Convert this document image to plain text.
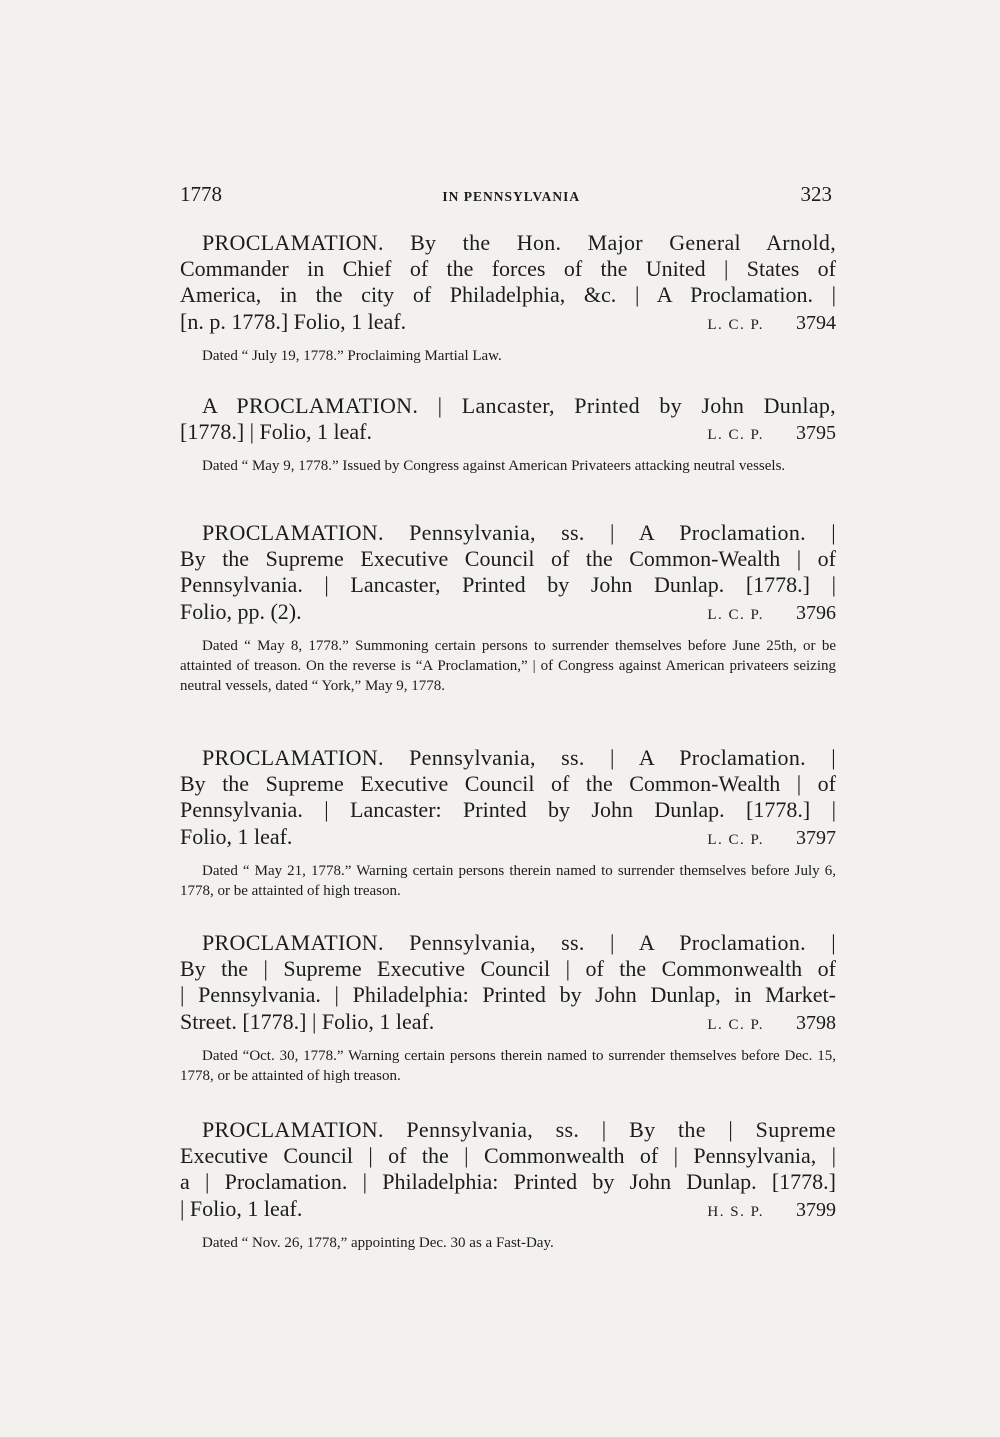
1778	IN PENNSYLVANIA	323
PROCLAMATION. By the Hon. Major General Arnold,
Commander in Chief of the forces of the United | States of
America, in the city of Philadelphia, &c. | A Proclamation. |
[n. p. 1778.] Folio, 1 leaf.	L. C. P. 3794
Dated “ July 19, 1778.” Proclaiming Martial Law.
A PROCLAMATION. | Lancaster, Printed by John Dunlap,
[1778.] | Folio, 1 leaf.	L. C. P. 3795
Dated “ May 9, 1778.” Issued by Congress against American Privateers attacking neutral vessels.
PROCLAMATION. Pennsylvania, ss. | A Proclamation. |
By the Supreme Executive Council of the Common-Wealth | of
Pennsylvania. | Lancaster, Printed by John Dunlap. [1778.] |
Folio, pp. (2).	L. C. P. 3796
Dated “ May 8, 1778.” Summoning certain persons to surrender themselves before June 25th, or be attainted of treason. On the reverse is “A Proclamation,” | of Congress against American privateers seizing neutral vessels, dated “ York,” May 9, 1778.
PROCLAMATION. Pennsylvania, ss. | A Proclamation. |
By the Supreme Executive Council of the Common-Wealth | of
Pennsylvania. | Lancaster: Printed by John Dunlap. [1778.] |
Folio, 1 leaf.	L. C. P. 3797
Dated “ May 21, 1778.” Warning certain persons therein named to surrender themselves before July 6, 1778, or be attainted of high treason.
PROCLAMATION. Pennsylvania, ss. | A Proclamation. |
By the | Supreme Executive Council | of the Commonwealth of
| Pennsylvania. | Philadelphia: Printed by John Dunlap, in Market-
Street. [1778.] | Folio, 1 leaf.	L. C. P. 3798
Dated “Oct. 30, 1778.” Warning certain persons therein named to surrender themselves before Dec. 15, 1778, or be attainted of high treason.
PROCLAMATION. Pennsylvania, ss. | By the | Supreme
Executive Council | of the | Commonwealth of | Pennsylvania, |
a | Proclamation. | Philadelphia: Printed by John Dunlap. [1778.]
| Folio, 1 leaf.	H. S. P. 3799
Dated “ Nov. 26, 1778,” appointing Dec. 30 as a Fast-Day.
